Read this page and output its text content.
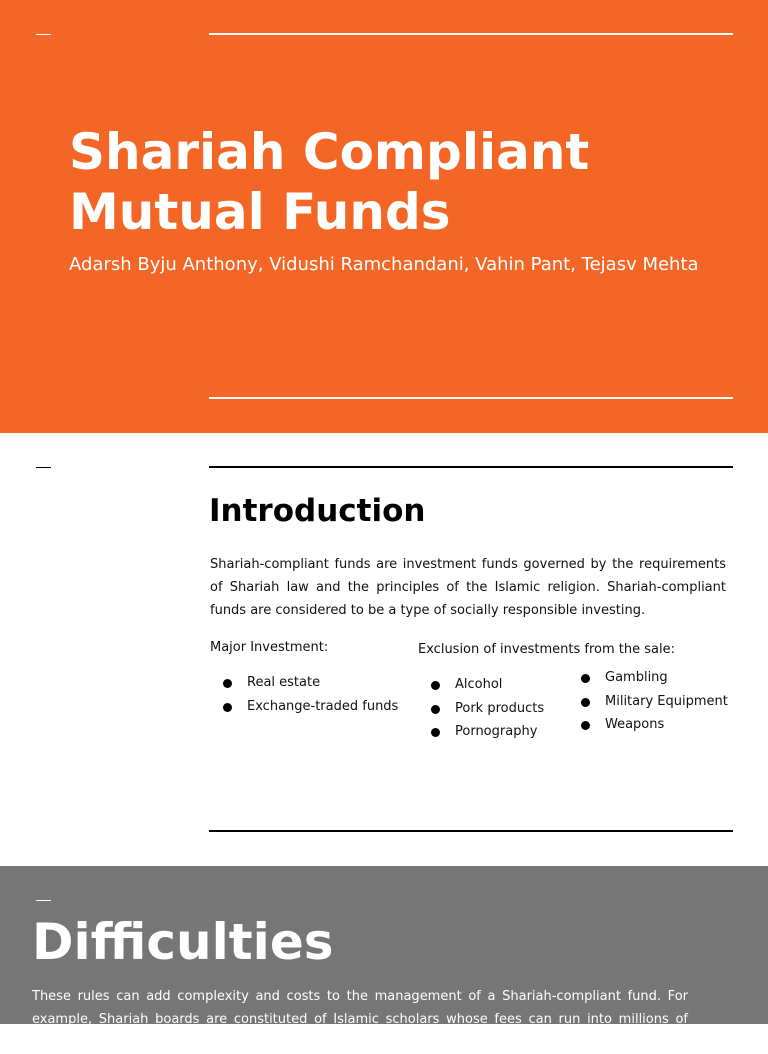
Shariah Compliant
Mutual Funds
Adarsh Byju Anthony, Vidushi Ramchandani, Vahin Pant, Tejasv Mehta
Introduction

Shariah-compliant funds are investment funds governed by the requirements of Shariah law and the principles of the Islamic religion. Shariah-compliant funds are considered to be a type of socially responsible investing.

Major Investment:
Real estate
Exchange-traded funds
Exclusion of investments from the sale:
Alcohol
Pork products
Pornography
Gambling
Military Equipment
Weapons
Difficulties

These rules can add complexity and costs to the management of a Shariah-compliant fund. For example, Shariah boards are constituted of Islamic scholars whose fees can run into millions of dollars
